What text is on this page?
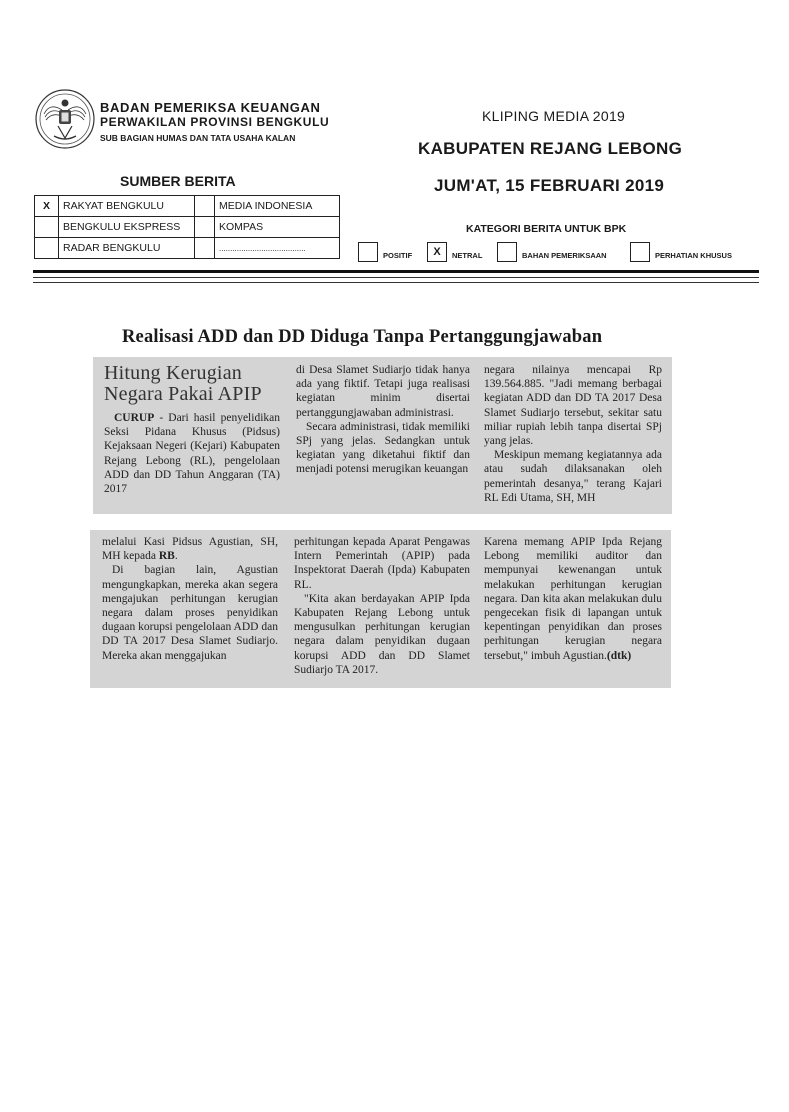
BADAN PEMERIKSA KEUANGAN
PERWAKILAN PROVINSI BENGKULU
SUB BAGIAN HUMAS DAN TATA USAHA KALAN
KLIPING MEDIA 2019
KABUPATEN REJANG LEBONG
JUM'AT, 15 FEBRUARI 2019
SUMBER BERITA
X	RAKYAT BENGKULU		MEDIA INDONESIA
	BENGKULU EKSPRESS		KOMPAS
	RADAR BENGKULU		.......................................
KATEGORI BERITA UNTUK BPK
POSITIF	X	NETRAL	BAHAN PEMERIKSAAN	PERHATIAN KHUSUS
Realisasi ADD dan DD Diduga Tanpa Pertanggungjawaban
Hitung Kerugian
Negara Pakai APIP

CURUP - Dari hasil penyelidikan Seksi Pidana Khusus (Pidsus) Kejaksaan Negeri (Kejari) Kabupaten Rejang Lebong (RL), pengelolaan ADD dan DD Tahun Anggaran (TA) 2017

di Desa Slamet Sudiarjo tidak hanya ada yang fiktif. Tetapi juga realisasi kegiatan minim disertai pertanggungjawaban administrasi.

Secara administrasi, tidak memiliki SPj yang jelas. Sedangkan untuk kegiatan yang diketahui fiktif dan menjadi potensi merugikan keuangan

negara nilainya mencapai Rp 139.564.885. "Jadi memang berbagai kegiatan ADD dan DD TA 2017 Desa Slamet Sudiarjo tersebut, sekitar satu miliar rupiah lebih tanpa disertai SPj yang jelas.

Meskipun memang kegiatannya ada atau sudah dilaksanakan oleh pemerintah desanya," terang Kajari RL Edi Utama, SH, MH

melalui Kasi Pidsus Agustian, SH, MH kepada RB.

Di bagian lain, Agustian mengungkapkan, mereka akan segera mengajukan perhitungan kerugian negara dalam proses penyidikan dugaan korupsi pengelolaan ADD dan DD TA 2017 Desa Slamet Sudiarjo. Mereka akan menggajukan

perhitungan kepada Aparat Pengawas Intern Pemerintah (APIP) pada Inspektorat Daerah (Ipda) Kabupaten RL.

"Kita akan berdayakan APIP Ipda Kabupaten Rejang Lebong untuk mengusulkan perhitungan kerugian negara dalam penyidikan dugaan korupsi ADD dan DD Slamet Sudiarjo TA 2017.

Karena memang APIP Ipda Rejang Lebong memiliki auditor dan mempunyai kewenangan untuk melakukan perhitungan kerugian negara. Dan kita akan melakukan dulu pengecekan fisik di lapangan untuk kepentingan penyidikan dan proses perhitungan kerugian negara tersebut," imbuh Agustian.(dtk)
